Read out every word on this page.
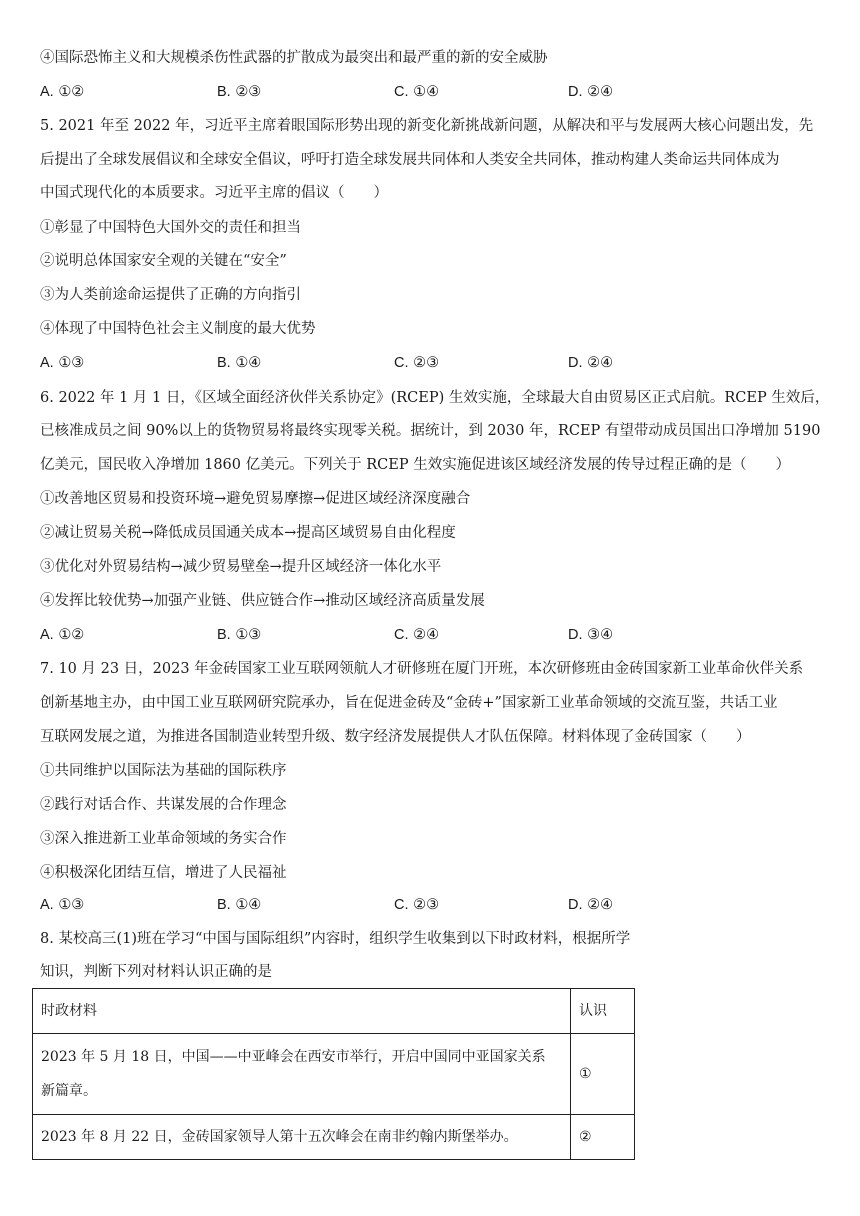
④国际恐怖主义和大规模杀伤性武器的扩散成为最突出和最严重的新的安全威胁
A. ①②	B. ②③	C. ①④	D. ②④
5. 2021 年至 2022 年，习近平主席着眼国际形势出现的新变化新挑战新问题，从解决和平与发展两大核心问题出发，先
后提出了全球发展倡议和全球安全倡议，呼吁打造全球发展共同体和人类安全共同体，推动构建人类命运共同体成为
中国式现代化的本质要求。习近平主席的倡议（　　）
①彰显了中国特色大国外交的责任和担当
②说明总体国家安全观的关键在“安全”
③为人类前途命运提供了正确的方向指引
④体现了中国特色社会主义制度的最大优势
A. ①③	B. ①④	C. ②③	D. ②④
6. 2022 年 1 月 1 日，《区域全面经济伙伴关系协定》(RCEP) 生效实施，全球最大自由贸易区正式启航。RCEP 生效后，
已核准成员之间 90%以上的货物贸易将最终实现零关税。据统计，到 2030 年，RCEP 有望带动成员国出口净增加 5190
亿美元，国民收入净增加 1860 亿美元。下列关于 RCEP 生效实施促进该区域经济发展的传导过程正确的是（　　）
①改善地区贸易和投资环境→避免贸易摩擦→促进区域经济深度融合
②减让贸易关税→降低成员国通关成本→提高区域贸易自由化程度
③优化对外贸易结构→减少贸易壁垒→提升区域经济一体化水平
④发挥比较优势→加强产业链、供应链合作→推动区域经济高质量发展
A. ①②	B. ①③	C. ②④	D. ③④
7. 10 月 23 日，2023 年金砖国家工业互联网领航人才研修班在厦门开班，本次研修班由金砖国家新工业革命伙伴关系
创新基地主办，由中国工业互联网研究院承办，旨在促进金砖及“金砖+”国家新工业革命领域的交流互鉴，共话工业
互联网发展之道，为推进各国制造业转型升级、数字经济发展提供人才队伍保障。材料体现了金砖国家（　　）
①共同维护以国际法为基础的国际秩序
②践行对话合作、共谋发展的合作理念
③深入推进新工业革命领域的务实合作
④积极深化团结互信，增进了人民福祉
A. ①③	B. ①④	C. ②③	D. ②④
8. 某校高三(1)班在学习“中国与国际组织”内容时，组织学生收集到以下时政材料，根据所学
知识，判断下列对材料认识正确的是
时政材料	认识

2023 年 5 月 18 日，中国——中亚峰会在西安市举行，开启中国同中亚国家关系
新篇章。	①

2023 年 8 月 22 日，金砖国家领导人第十五次峰会在南非约翰内斯堡举办。	②
